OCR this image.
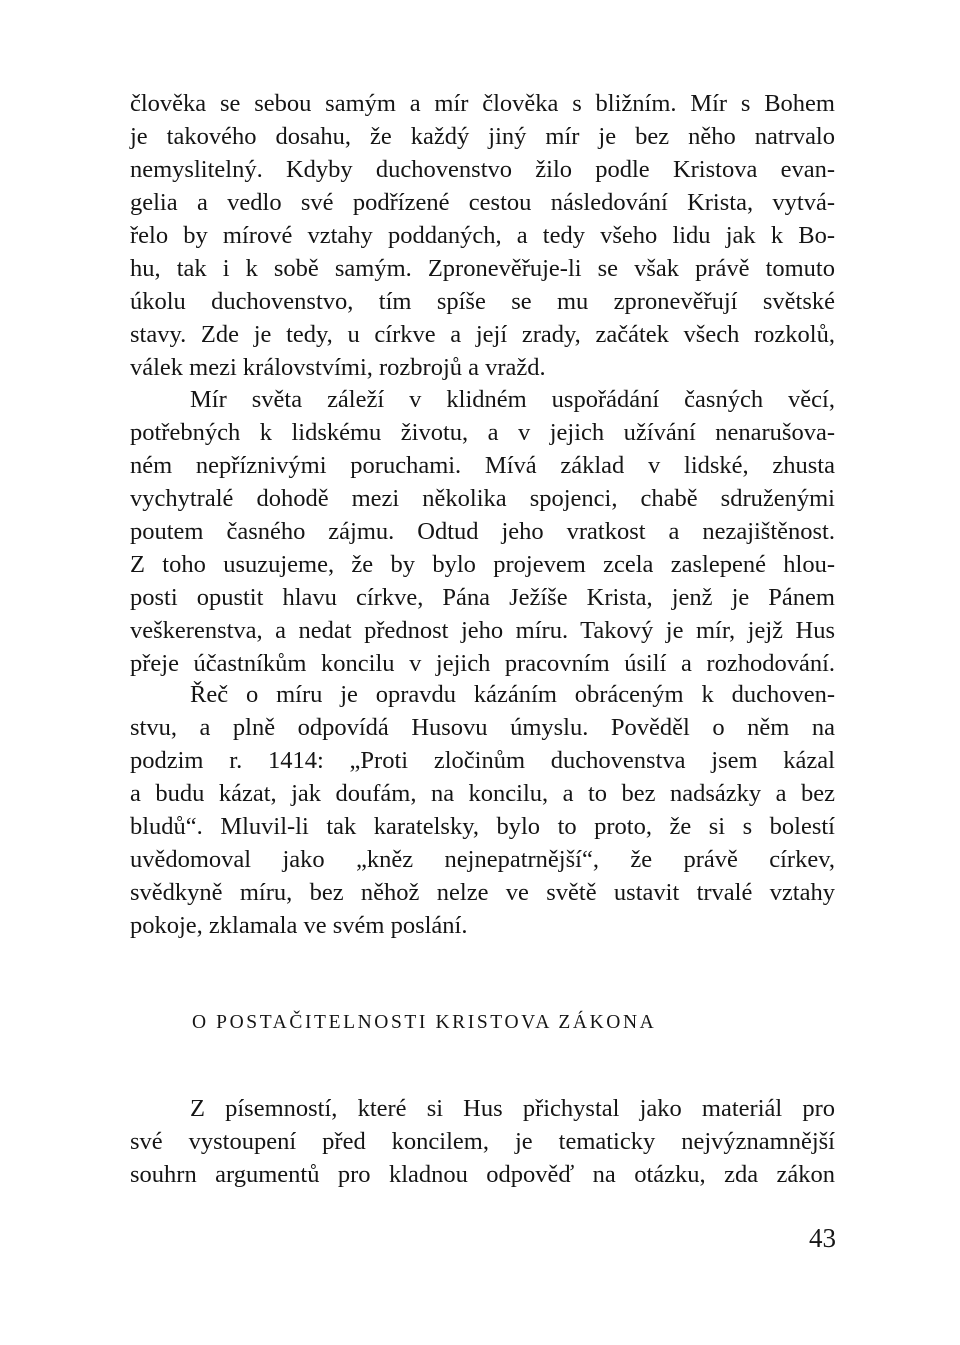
člověka se sebou samým a mír člověka s bližním. Mír s Bohem
je takového dosahu, že každý jiný mír je bez něho natrvalo
nemyslitelný. Kdyby duchovenstvo žilo podle Kristova evan-
gelia a vedlo své podřízené cestou následování Krista, vytvá-
řelo by mírové vztahy poddaných, a tedy všeho lidu jak k Bo-
hu, tak i k sobě samým. Zpronevěřuje-li se však právě tomuto
úkolu duchovenstvo, tím spíše se mu zpronevěřují světské
stavy. Zde je tedy, u církve a její zrady, začátek všech rozkolů,
válek mezi královstvími, rozbrojů a vražd.
Mír světa záleží v klidném uspořádání časných věcí,
potřebných k lidskému životu, a v jejich užívání nenarušova-
ném nepříznivými poruchami. Mívá základ v lidské, zhusta
vychytralé dohodě mezi několika spojenci, chabě sdruženými
poutem časného zájmu. Odtud jeho vratkost a nezajištěnost.
Z toho usuzujeme, že by bylo projevem zcela zaslepené hlou-
posti opustit hlavu církve, Pána Ježíše Krista, jenž je Pánem
veškerenstva, a nedat přednost jeho míru. Takový je mír, jejž Hus
přeje účastníkům koncilu v jejich pracovním úsilí a rozhodování.
Řeč o míru je opravdu kázáním obráceným k duchoven-
stvu, a plně odpovídá Husovu úmyslu. Pověděl o něm na
podzim r. 1414: „Proti zločinům duchovenstva jsem kázal
a budu kázat, jak doufám, na koncilu, a to bez nadsázky a bez
bludů“. Mluvil-li tak karatelsky, bylo to proto, že si s bolestí
uvědomoval jako „kněz nejnepatrnější“, že právě církev,
svědkyně míru, bez něhož nelze ve světě ustavit trvalé vztahy
pokoje, zklamala ve svém poslání.
O POSTAČITELNOSTI KRISTOVA ZÁKONA
Z písemností, které si Hus přichystal jako materiál pro
své vystoupení před koncilem, je tematicky nejvýznamnější
souhrn argumentů pro kladnou odpověď na otázku, zda zákon
43
